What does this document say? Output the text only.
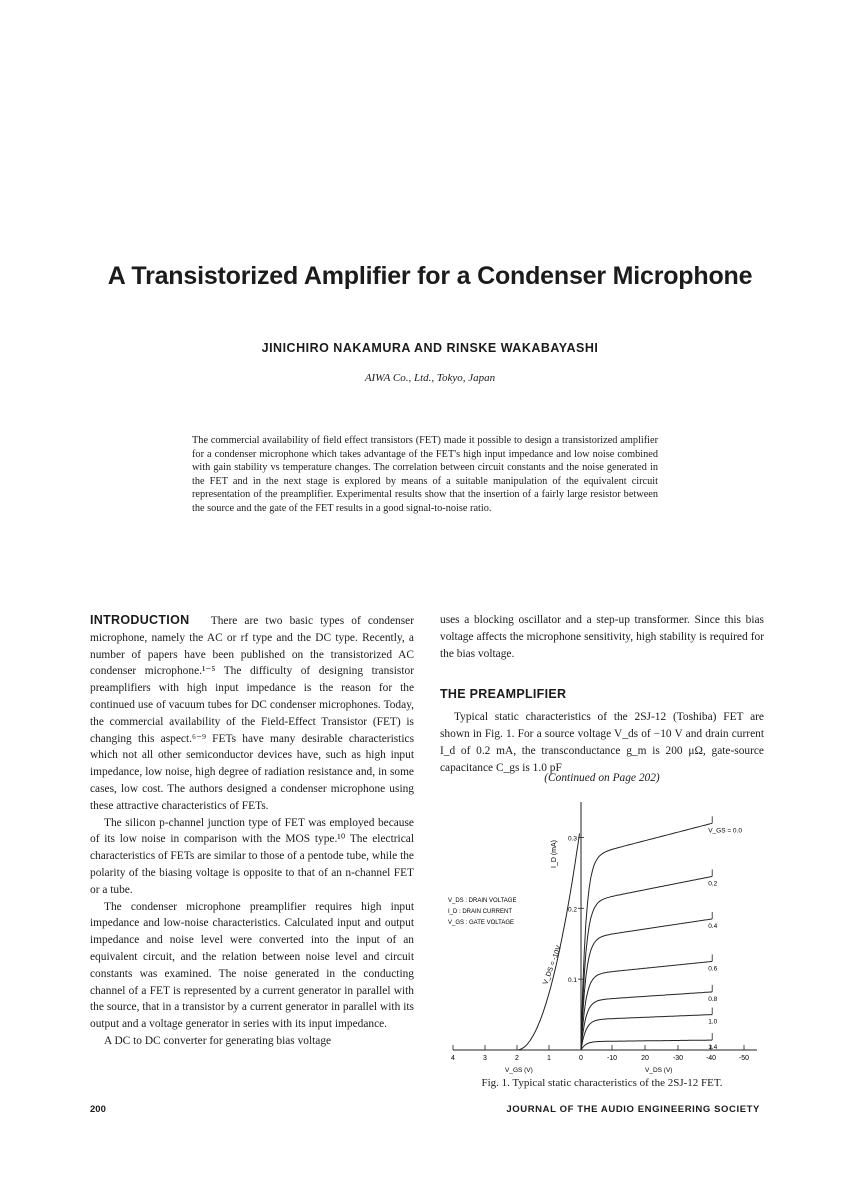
A Transistorized Amplifier for a Condenser Microphone
JINICHIRO NAKAMURA AND RINSKE WAKABAYASHI
AIWA Co., Ltd., Tokyo, Japan
The commercial availability of field effect transistors (FET) made it possible to design a transistorized amplifier for a condenser microphone which takes advantage of the FET's high input impedance and low noise combined with gain stability vs temperature changes. The correlation between circuit constants and the noise generated in the FET and in the next stage is explored by means of a suitable manipulation of the equivalent circuit representation of the preamplifier. Experimental results show that the insertion of a fairly large resistor between the source and the gate of the FET results in a good signal-to-noise ratio.

INTRODUCTION There are two basic types of condenser microphone, namely the AC or rf type and the DC type. Recently, a number of papers have been published on the transistorized AC condenser microphone.¹⁻⁵ The difficulty of designing transistor preamplifiers with high input impedance is the reason for the continued use of vacuum tubes for DC condenser microphones. Today, the commercial availability of the Field-Effect Transistor (FET) is changing this aspect.⁶⁻⁹ FETs have many desirable characteristics which not all other semiconductor devices have, such as high input impedance, low noise, high degree of radiation resistance and, in some cases, low cost. The authors designed a condenser microphone using these attractive characteristics of FETs.

The silicon p-channel junction type of FET was employed because of its low noise in comparison with the MOS type.¹⁰ The electrical characteristics of FETs are similar to those of a pentode tube, while the polarity of the biasing voltage is opposite to that of an n-channel FET or a tube.

The condenser microphone preamplifier requires high input impedance and low-noise characteristics. Calculated input and output impedance and noise level were converted into the input of an equivalent circuit, and the relation between noise level and circuit constants was examined. The noise generated in the conducting channel of a FET is represented by a current generator in parallel with the source, that in a transistor by a current generator in parallel with its output and a voltage generator in series with its input impedance.

A DC to DC converter for generating bias voltage

uses a blocking oscillator and a step-up transformer. Since this bias voltage affects the microphone sensitivity, high stability is required for the bias voltage.

THE PREAMPLIFIER

Typical static characteristics of the 2SJ-12 (Toshiba) FET are shown in Fig. 1. For a source voltage V_ds of −10 V and drain current I_d of 0.2 mA, the transconductance g_m is 200 μΩ, gate-source capacitance C_gs is 1.0 pF

(Continued on Page 202)
V_DS : DRAIN VOLTAGE
I_D : DRAIN CURRENT
V_GS : GATE VOLTAGE
I_D (mA)
V_DS = -10V
V_GS (V)	V_DS (V)
4	3	2	1	0	-10	20	-30	-40	-50
0.3
0.2
0.1
V_GS = 0.0
0.2
0.4
0.6
0.8
1.0
1.4
Fig. 1. Typical static characteristics of the 2SJ-12 FET.
200	JOURNAL OF THE AUDIO ENGINEERING SOCIETY
